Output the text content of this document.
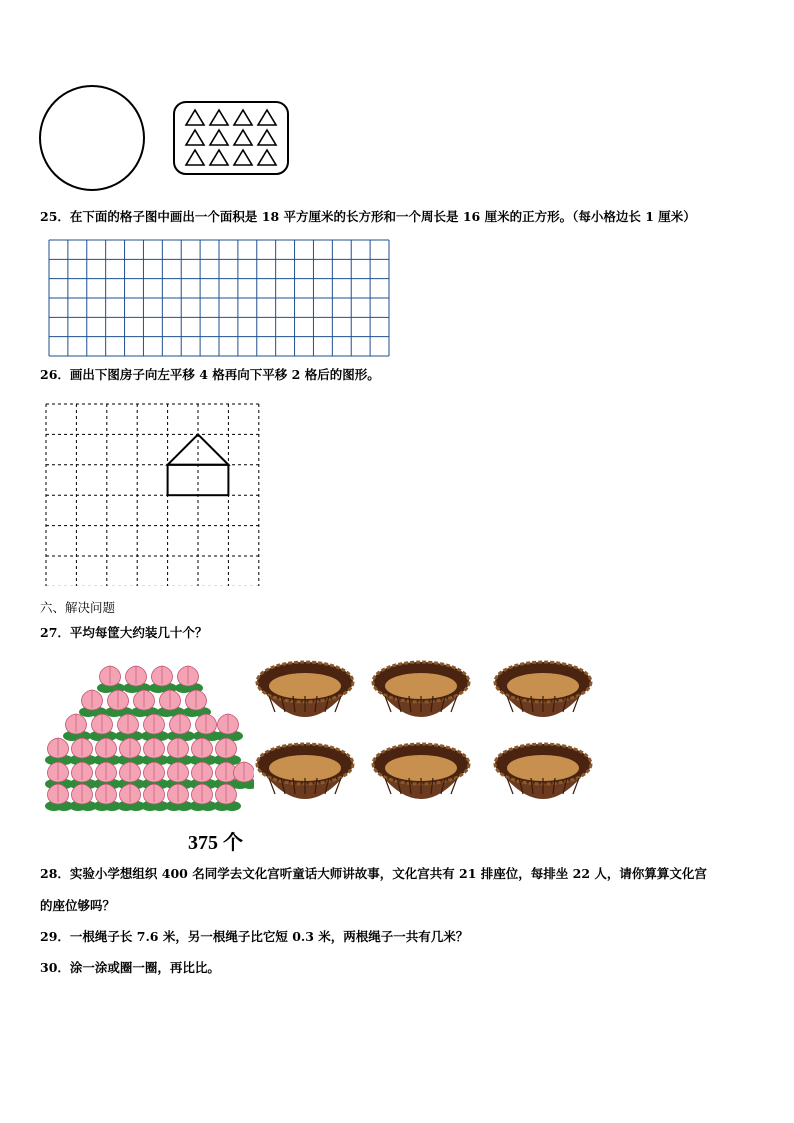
25．在下面的格子图中画出一个面积是 18 平方厘米的长方形和一个周长是 16 厘米的正方形。（每小格边长 1 厘米）
26．画出下图房子向左平移 4 格再向下平移 2 格后的图形。
六、解决问题
27．平均每筐大约装几十个？
375 个
28．实验小学想组织 400 名同学去文化宫听童话大师讲故事，文化宫共有 21 排座位，每排坐 22 人，请你算算文化宫
的座位够吗？
29．一根绳子长 7.6 米，另一根绳子比它短 0.3 米，两根绳子一共有几米？
30．涂一涂或圈一圈，再比比。
